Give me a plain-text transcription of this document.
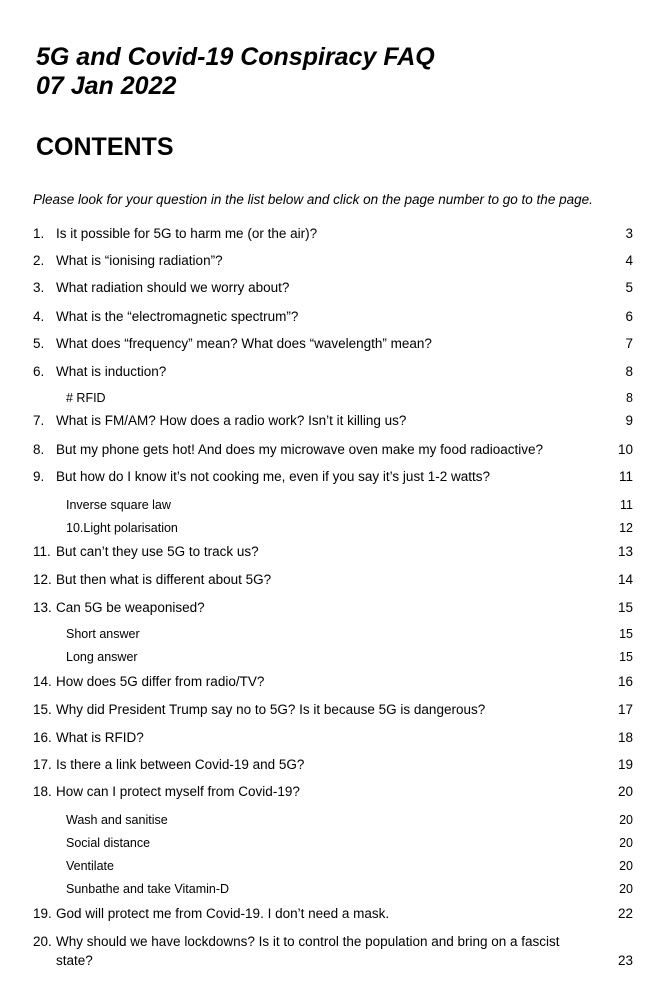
5G and Covid-19 Conspiracy FAQ
07 Jan 2022
CONTENTS

Please look for your question in the list below and click on the page number to go to the page.

1. Is it possible for 5G to harm me (or the air)?	3
2. What is “ionising radiation”?	4
3. What radiation should we worry about?	5
4. What is the “electromagnetic spectrum”?	6
5. What does “frequency” mean? What does “wavelength” mean?	7
6. What is induction?	8
# RFID	8
7. What is FM/AM? How does a radio work? Isn’t it killing us?	9
8. But my phone gets hot! And does my microwave oven make my food radioactive?	10
9. But how do I know it’s not cooking me, even if you say it’s just 1-2 watts?	11
Inverse square law	11
10.Light polarisation	12
11. But can’t they use 5G to track us?	13
12. But then what is different about 5G?	14
13. Can 5G be weaponised?	15
Short answer	15
Long answer	15
14. How does 5G differ from radio/TV?	16
15. Why did President Trump say no to 5G? Is it because 5G is dangerous?	17
16. What is RFID?	18
17. Is there a link between Covid-19 and 5G?	19
18. How can I protect myself from Covid-19?	20
Wash and sanitise	20
Social distance	20
Ventilate	20
Sunbathe and take Vitamin-D	20
19. God will protect me from Covid-19. I don’t need a mask.	22
20. Why should we have lockdowns? Is it to control the population and bring on a fascist state?	23
